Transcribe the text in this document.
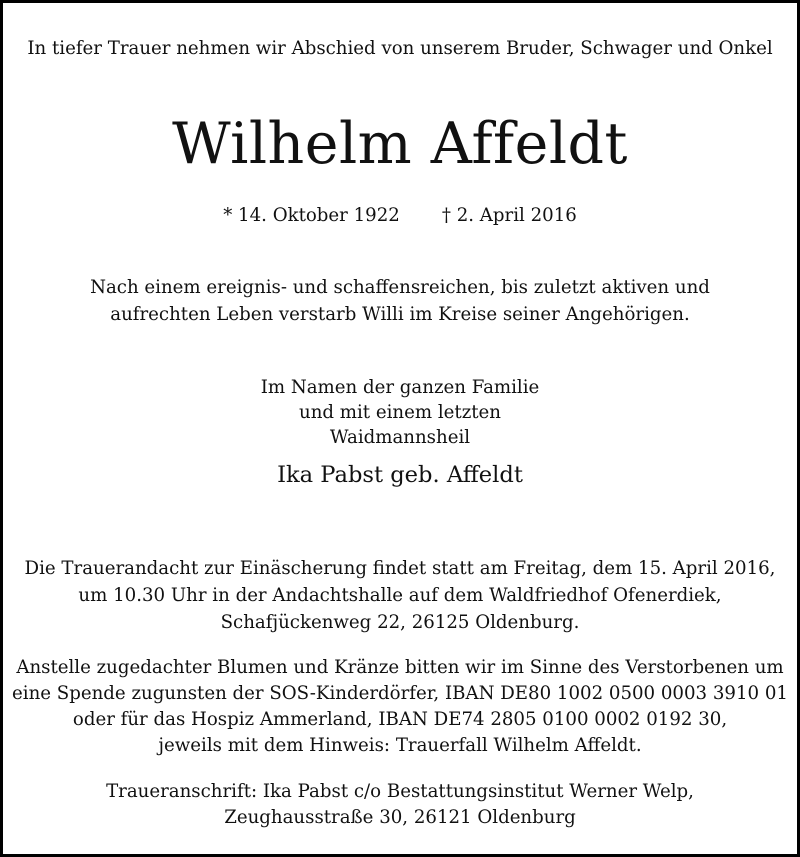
In tiefer Trauer nehmen wir Abschied von unserem Bruder, Schwager und Onkel
Wilhelm Affeldt
* 14. Oktober 1922 † 2. April 2016
Nach einem ereignis- und schaffensreichen, bis zuletzt aktiven und
aufrechten Leben verstarb Willi im Kreise seiner Angehörigen.
Im Namen der ganzen Familie
und mit einem letzten
Waidmannsheil
Ika Pabst geb. Affeldt
Die Trauerandacht zur Einäscherung findet statt am Freitag, dem 15. April 2016,
um 10.30 Uhr in der Andachtshalle auf dem Waldfriedhof Ofenerdiek,
Schafjückenweg 22, 26125 Oldenburg.
Anstelle zugedachter Blumen und Kränze bitten wir im Sinne des Verstorbenen um
eine Spende zugunsten der SOS-Kinderdörfer, IBAN DE80 1002 0500 0003 3910 01
oder für das Hospiz Ammerland, IBAN DE74 2805 0100 0002 0192 30,
jeweils mit dem Hinweis: Trauerfall Wilhelm Affeldt.
Traueranschrift: Ika Pabst c/o Bestattungsinstitut Werner Welp,
Zeughausstraße 30, 26121 Oldenburg
